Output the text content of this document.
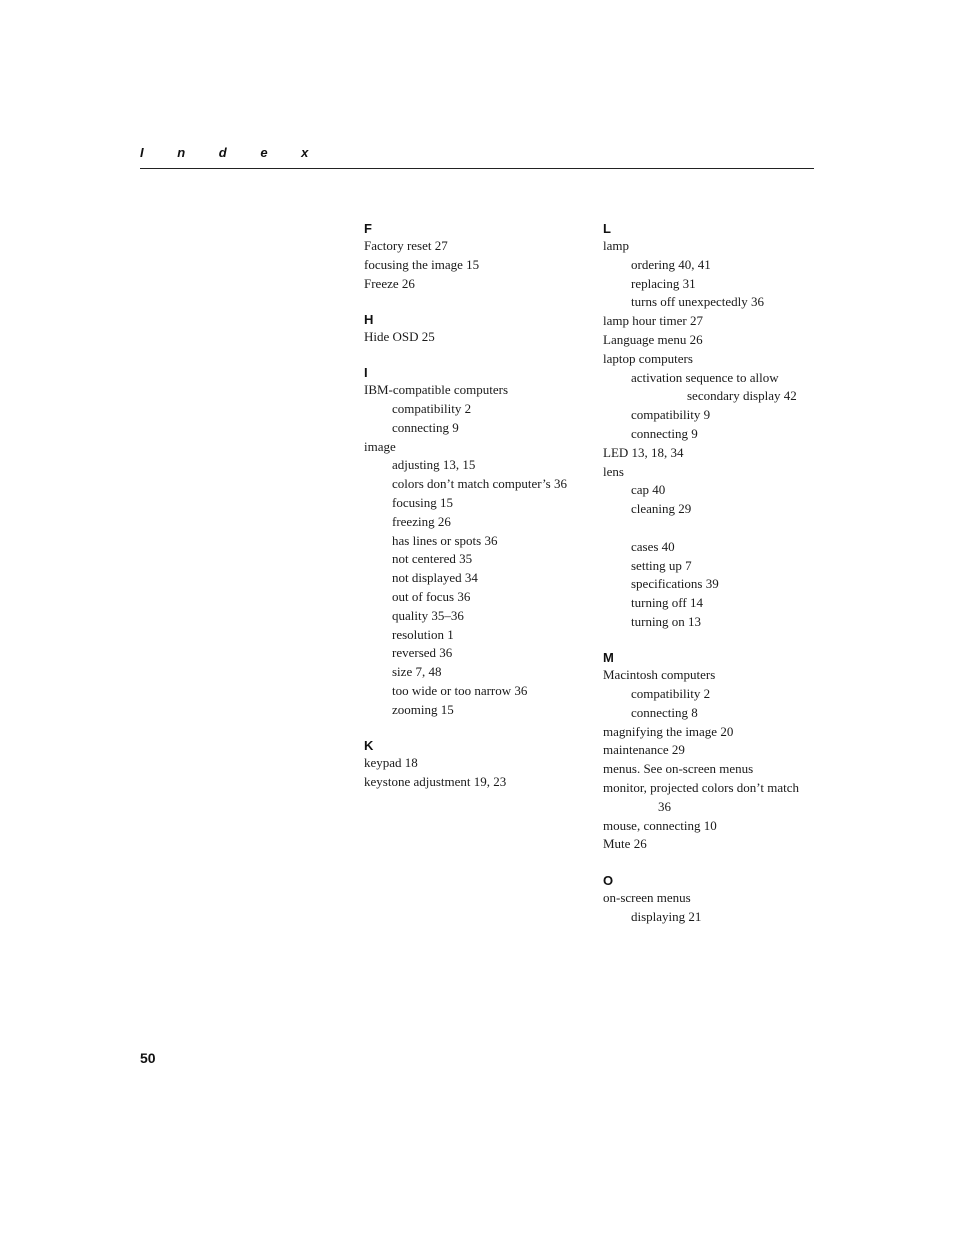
I n d e x
F
Factory reset 27
focusing the image 15
Freeze 26
H
Hide OSD 25
I
IBM-compatible computers
compatibility 2
connecting 9
image
adjusting 13, 15
colors don’t match computer’s 36
focusing 15
freezing 26
has lines or spots 36
not centered 35
not displayed 34
out of focus 36
quality 35–36
resolution 1
reversed 36
size 7, 48
too wide or too narrow 36
zooming 15
K
keypad 18
keystone adjustment 19, 23
L
lamp
ordering 40, 41
replacing 31
turns off unexpectedly 36
lamp hour timer 27
Language menu 26
laptop computers
activation sequence to allow
secondary display 42
compatibility 9
connecting 9
LED 13, 18, 34
lens
cap 40
cleaning 29
cases 40
setting up 7
specifications 39
turning off 14
turning on 13
M
Macintosh computers
compatibility 2
connecting 8
magnifying the image 20
maintenance 29
menus. See on-screen menus
monitor, projected colors don’t match
36
mouse, connecting 10
Mute 26
O
on-screen menus
displaying 21
50
